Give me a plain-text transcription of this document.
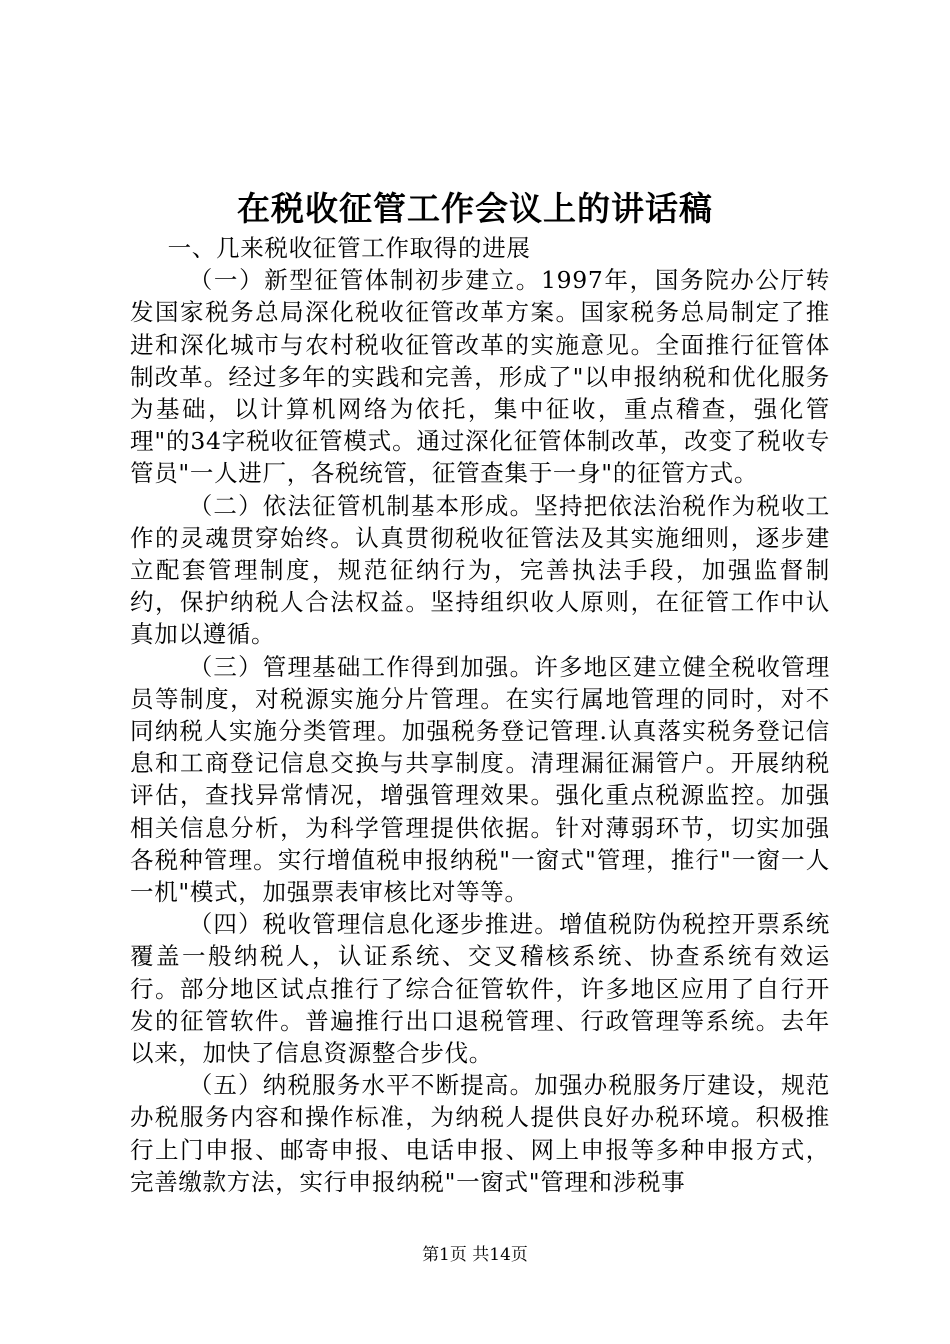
在税收征管工作会议上的讲话稿

一、几来税收征管工作取得的进展

（一）新型征管体制初步建立。1997年，国务院办公厅转发国家税务总局深化税收征管改革方案。国家税务总局制定了推进和深化城市与农村税收征管改革的实施意见。全面推行征管体制改革。经过多年的实践和完善，形成了"以申报纳税和优化服务为基础，以计算机网络为依托，集中征收，重点稽查，强化管理"的34字税收征管模式。通过深化征管体制改革，改变了税收专管员"一人进厂，各税统管，征管查集于一身"的征管方式。

（二）依法征管机制基本形成。坚持把依法治税作为税收工作的灵魂贯穿始终。认真贯彻税收征管法及其实施细则，逐步建立配套管理制度，规范征纳行为，完善执法手段，加强监督制约，保护纳税人合法权益。坚持组织收人原则，在征管工作中认真加以遵循。

（三）管理基础工作得到加强。许多地区建立健全税收管理员等制度，对税源实施分片管理。在实行属地管理的同时，对不同纳税人实施分类管理。加强税务登记管理.认真落实税务登记信息和工商登记信息交换与共享制度。清理漏征漏管户。开展纳税评估，查找异常情况，增强管理效果。强化重点税源监控。加强相关信息分析，为科学管理提供依据。针对薄弱环节，切实加强各税种管理。实行增值税申报纳税"一窗式"管理，推行"一窗一人一机"模式，加强票表审核比对等等。

（四）税收管理信息化逐步推进。增值税防伪税控开票系统覆盖一般纳税人，认证系统、交叉稽核系统、协查系统有效运行。部分地区试点推行了综合征管软件，许多地区应用了自行开发的征管软件。普遍推行出口退税管理、行政管理等系统。去年以来，加快了信息资源整合步伐。

（五）纳税服务水平不断提高。加强办税服务厅建设，规范办税服务内容和操作标准，为纳税人提供良好办税环境。积极推行上门申报、邮寄申报、电话申报、网上申报等多种申报方式，完善缴款方法，实行申报纳税"一窗式"管理和涉税事

第1页 共14页
